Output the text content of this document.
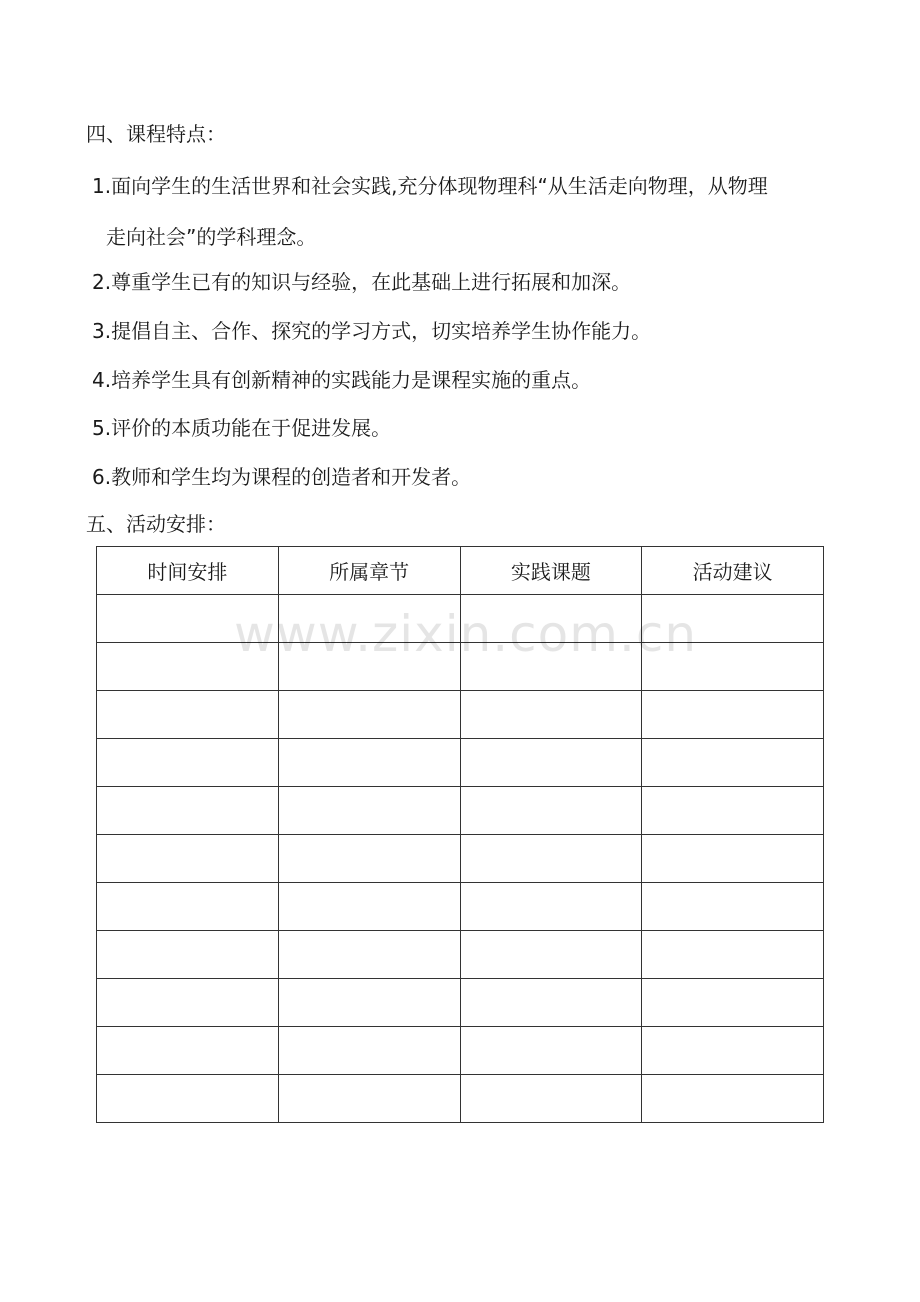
四、课程特点：
1.面向学生的生活世界和社会实践,充分体现物理科“从生活走向物理，从物理
走向社会”的学科理念。
2.尊重学生已有的知识与经验，在此基础上进行拓展和加深。
3.提倡自主、合作、探究的学习方式，切实培养学生协作能力。
4.培养学生具有创新精神的实践能力是课程实施的重点。
5.评价的本质功能在于促进发展。
6.教师和学生均为课程的创造者和开发者。
五、活动安排：
时间安排	所属章节	实践课题	活动建议

www.zixin.com.cn
